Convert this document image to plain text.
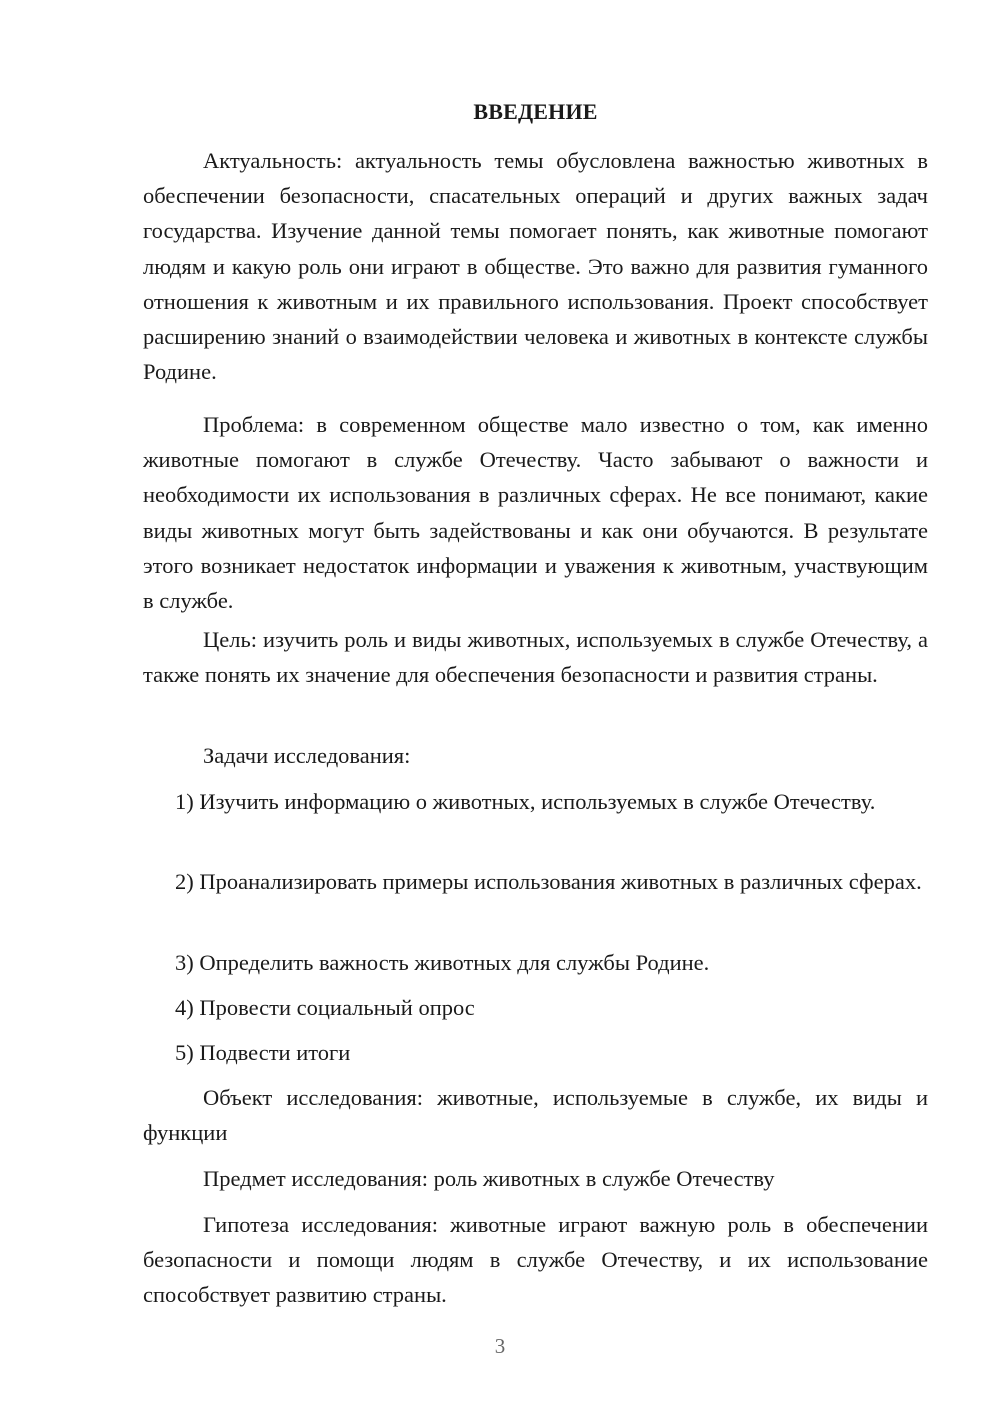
ВВЕДЕНИЕ

Актуальность: актуальность темы обусловлена важностью животных в обеспечении безопасности, спасательных операций и других важных задач государства. Изучение данной темы помогает понять, как животные помогают людям и какую роль они играют в обществе. Это важно для развития гуманного отношения к животным и их правильного использования. Проект способствует расширению знаний о взаимодействии человека и животных в контексте службы Родине.

Проблема: в современном обществе мало известно о том, как именно животные помогают в службе Отечеству. Часто забывают о важности и необходимости их использования в различных сферах. Не все понимают, какие виды животных могут быть задействованы и как они обучаются. В результате этого возникает недостаток информации и уважения к животным, участвующим в службе.

Цель: изучить роль и виды животных, используемых в службе Отечеству, а также понять их значение для обеспечения безопасности и развития страны.

Задачи исследования:

1) Изучить информацию о животных, используемых в службе Отечеству.

2) Проанализировать примеры использования животных в различных сферах.

3) Определить важность животных для службы Родине.

4) Провести социальный опрос

5) Подвести итоги

Объект исследования: животные, используемые в службе, их виды и функции

Предмет исследования: роль животных в службе Отечеству

Гипотеза исследования: животные играют важную роль в обеспечении безопасности и помощи людям в службе Отечеству, и их использование способствует развитию страны.

3
